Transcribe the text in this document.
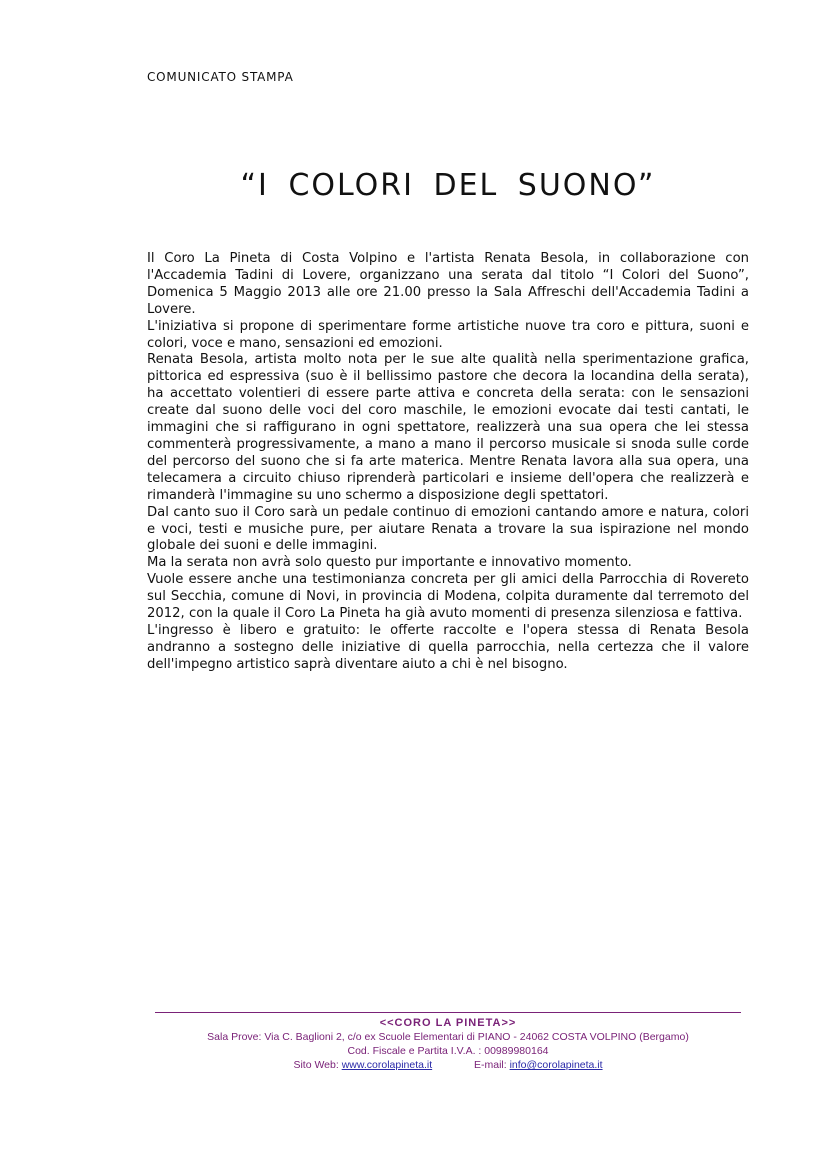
COMUNICATO STAMPA
“I COLORI DEL SUONO”

Il Coro La Pineta di Costa Volpino e l'artista Renata Besola, in collaborazione con l'Accademia Tadini di Lovere, organizzano una serata dal titolo “I Colori del Suono”, Domenica 5 Maggio 2013 alle ore 21.00 presso la Sala Affreschi dell'Accademia Tadini a Lovere.

L'iniziativa si propone di sperimentare forme artistiche nuove tra coro e pittura, suoni e colori, voce e mano, sensazioni ed emozioni.

Renata Besola, artista molto nota per le sue alte qualità nella sperimentazione grafica, pittorica ed espressiva (suo è il bellissimo pastore che decora la locandina della serata), ha accettato volentieri di essere parte attiva e concreta della serata: con le sensazioni create dal suono delle voci del coro maschile, le emozioni evocate dai testi cantati, le immagini che si raffigurano in ogni spettatore, realizzerà una sua opera che lei stessa commenterà progressivamente, a mano a mano il percorso musicale si snoda sulle corde del percorso del suono che si fa arte materica. Mentre Renata lavora alla sua opera, una telecamera a circuito chiuso riprenderà particolari e insieme dell'opera che realizzerà e rimanderà l'immagine su uno schermo a disposizione degli spettatori.

Dal canto suo il Coro sarà un pedale continuo di emozioni cantando amore e natura, colori e voci, testi e musiche pure, per aiutare Renata a trovare la sua ispirazione nel mondo globale dei suoni e delle immagini.

Ma la serata non avrà solo questo pur importante e innovativo momento.

Vuole essere anche una testimonianza concreta per gli amici della Parrocchia di Rovereto sul Secchia, comune di Novi, in provincia di Modena, colpita duramente dal terremoto del 2012, con la quale il Coro La Pineta ha già avuto momenti di presenza silenziosa e fattiva.

L'ingresso è libero e gratuito: le offerte raccolte e l'opera stessa di Renata Besola andranno a sostegno delle iniziative di quella parrocchia, nella certezza che il valore dell'impegno artistico saprà diventare aiuto a chi è nel bisogno.

<<CORO LA PINETA>>
Sala Prove: Via C. Baglioni 2, c/o ex Scuole Elementari di PIANO - 24062 COSTA VOLPINO (Bergamo)
Cod. Fiscale e Partita I.V.A. : 00989980164
Sito Web: www.corolapineta.it	E-mail: info@corolapineta.it
